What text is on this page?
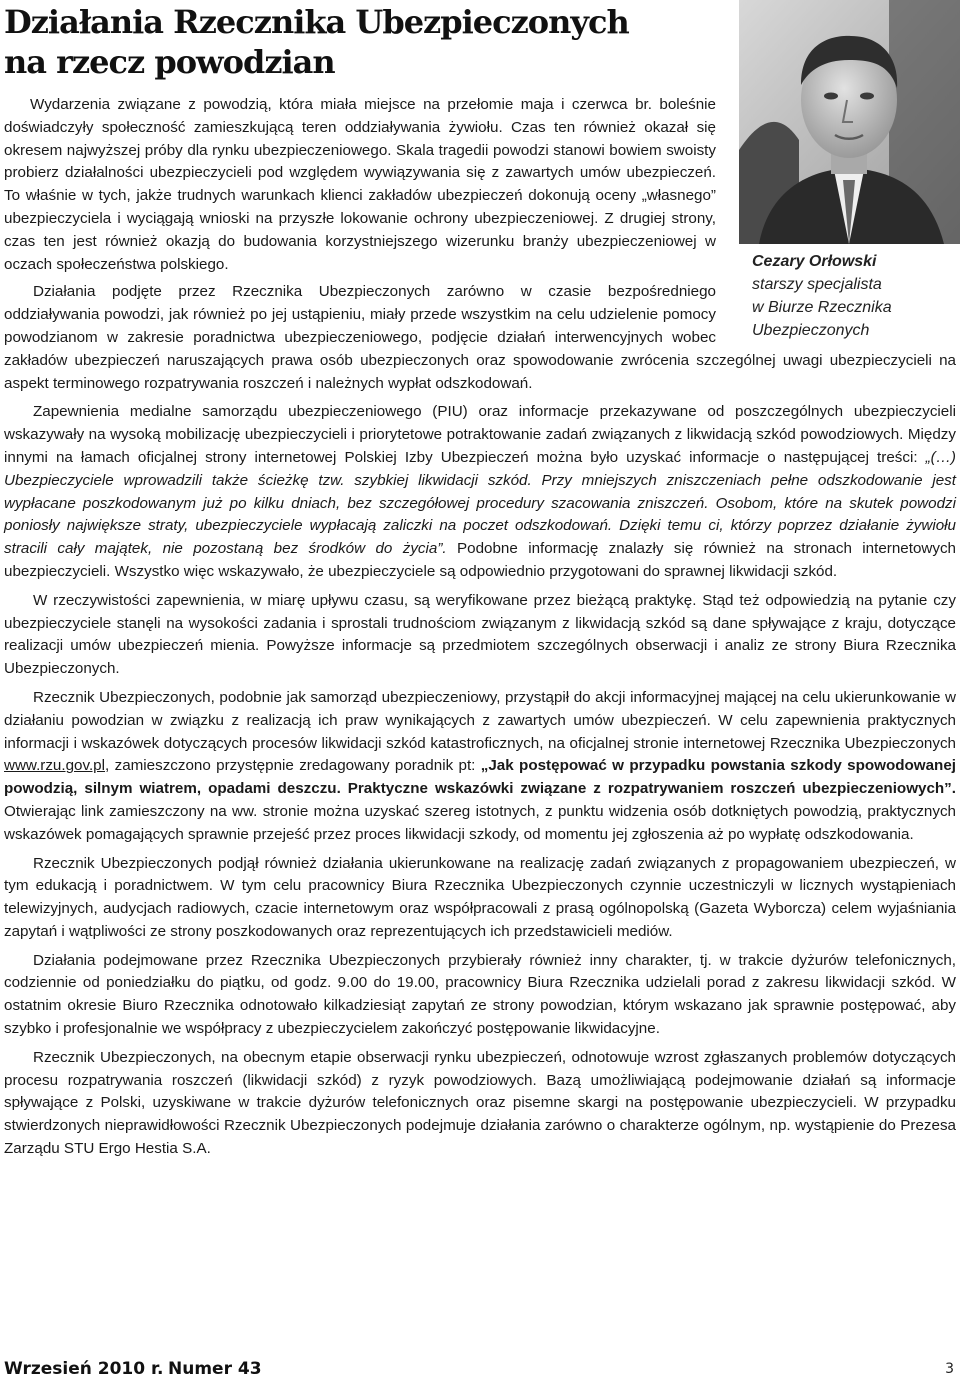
Działania Rzecznika Ubezpieczonych
na rzecz powodzian
Cezary Orłowski
starszy specjalista
w Biurze Rzecznika
Ubezpieczonych

Wydarzenia związane z powodzią, która miała miejsce na przełomie maja i czerwca br. boleśnie doświadczyły społeczność zamieszkującą teren oddziaływania żywiołu. Czas ten również okazał się okresem najwyższej próby dla rynku ubezpieczeniowego. Skala tragedii powodzi stanowi bowiem swoisty probierz działalności ubezpieczycieli pod względem wywiązywania się z zawartych umów ubezpieczeń. To właśnie w tych, jakże trudnych warunkach klienci zakładów ubezpieczeń dokonują oceny „własnego” ubezpieczyciela i wyciągają wnioski na przyszłe lokowanie ochrony ubezpieczeniowej. Z drugiej strony, czas ten jest również okazją do budowania korzystniejszego wizerunku branży ubezpieczeniowej w oczach społeczeństwa polskiego.

Działania podjęte przez Rzecznika Ubezpieczonych zarówno w czasie bezpośredniego oddziaływania powodzi, jak również po jej ustąpieniu, miały przede wszystkim na celu udzielenie pomocy powodzianom w zakresie poradnictwa ubezpieczeniowego, podjęcie działań interwencyjnych wobec zakładów ubezpieczeń naruszających prawa osób ubezpieczonych oraz spowodowanie zwrócenia szczególnej uwagi ubezpieczycieli na aspekt terminowego rozpatrywania roszczeń i należnych wypłat odszkodowań.

Zapewnienia medialne samorządu ubezpieczeniowego (PIU) oraz informacje przekazywane od poszczególnych ubezpieczycieli wskazywały na wysoką mobilizację ubezpieczycieli i priorytetowe potraktowanie zadań związanych z likwidacją szkód powodziowych. Między innymi na łamach oficjalnej strony internetowej Polskiej Izby Ubezpieczeń można było uzyskać informacje o następującej treści: „(…) Ubezpieczyciele wprowadzili także ścieżkę tzw. szybkiej likwidacji szkód. Przy mniejszych zniszczeniach pełne odszkodowanie jest wypłacane poszkodowanym już po kilku dniach, bez szczegółowej procedury szacowania zniszczeń. Osobom, które na skutek powodzi poniosły największe straty, ubezpieczyciele wypłacają zaliczki na poczet odszkodowań. Dzięki temu ci, którzy poprzez działanie żywiołu stracili cały majątek, nie pozostaną bez środków do życia”. Podobne informację znalazły się również na stronach internetowych ubezpieczycieli. Wszystko więc wskazywało, że ubezpieczyciele są odpowiednio przygotowani do sprawnej likwidacji szkód.

W rzeczywistości zapewnienia, w miarę upływu czasu, są weryfikowane przez bieżącą praktykę. Stąd też odpowiedzią na pytanie czy ubezpieczyciele stanęli na wysokości zadania i sprostali trudnościom związanym z likwidacją szkód są dane spływające z kraju, dotyczące realizacji umów ubezpieczeń mienia. Powyższe informacje są przedmiotem szczególnych obserwacji i analiz ze strony Biura Rzecznika Ubezpieczonych.

Rzecznik Ubezpieczonych, podobnie jak samorząd ubezpieczeniowy, przystąpił do akcji informacyjnej mającej na celu ukierunkowanie w działaniu powodzian w związku z realizacją ich praw wynikających z zawartych umów ubezpieczeń. W celu zapewnienia praktycznych informacji i wskazówek dotyczących procesów likwidacji szkód katastroficznych, na oficjalnej stronie internetowej Rzecznika Ubezpieczonych www.rzu.gov.pl, zamieszczono przystępnie zredagowany poradnik pt: „Jak postępować w przypadku powstania szkody spowodowanej powodzią, silnym wiatrem, opadami deszczu. Praktyczne wskazówki związane z rozpatrywaniem roszczeń ubezpieczeniowych”. Otwierając link zamieszczony na ww. stronie można uzyskać szereg istotnych, z punktu widzenia osób dotkniętych powodzią, praktycznych wskazówek pomagających sprawnie przejeść przez proces likwidacji szkody, od momentu jej zgłoszenia aż po wypłatę odszkodowania.

Rzecznik Ubezpieczonych podjął również działania ukierunkowane na realizację zadań związanych z propagowaniem ubezpieczeń, w tym edukacją i poradnictwem. W tym celu pracownicy Biura Rzecznika Ubezpieczonych czynnie uczestniczyli w licznych wystąpieniach telewizyjnych, audycjach radiowych, czacie internetowym oraz współpracowali z prasą ogólnopolską (Gazeta Wyborcza) celem wyjaśniania zapytań i wątpliwości ze strony poszkodowanych oraz reprezentujących ich przedstawicieli mediów.

Działania podejmowane przez Rzecznika Ubezpieczonych przybierały również inny charakter, tj. w trakcie dyżurów telefonicznych, codziennie od poniedziałku do piątku, od godz. 9.00 do 19.00, pracownicy Biura Rzecznika udzielali porad z zakresu likwidacji szkód. W ostatnim okresie Biuro Rzecznika odnotowało kilkadziesiąt zapytań ze strony powodzian, którym wskazano jak sprawnie postępować, aby szybko i profesjonalnie we współpracy z ubezpieczycielem zakończyć postępowanie likwidacyjne.

Rzecznik Ubezpieczonych, na obecnym etapie obserwacji rynku ubezpieczeń, odnotowuje wzrost zgłaszanych problemów dotyczących procesu rozpatrywania roszczeń (likwidacji szkód) z ryzyk powodziowych. Bazą umożliwiającą podejmowanie działań są informacje spływające z Polski, uzyskiwane w trakcie dyżurów telefonicznych oraz pisemne skargi na postępowanie ubezpieczycieli. W przypadku stwierdzonych nieprawidłowości Rzecznik Ubezpieczonych podejmuje działania zarówno o charakterze ogólnym, np. wystąpienie do Prezesa Zarządu STU Ergo Hestia S.A.

Wrzesień 2010 r. Numer 43	3
